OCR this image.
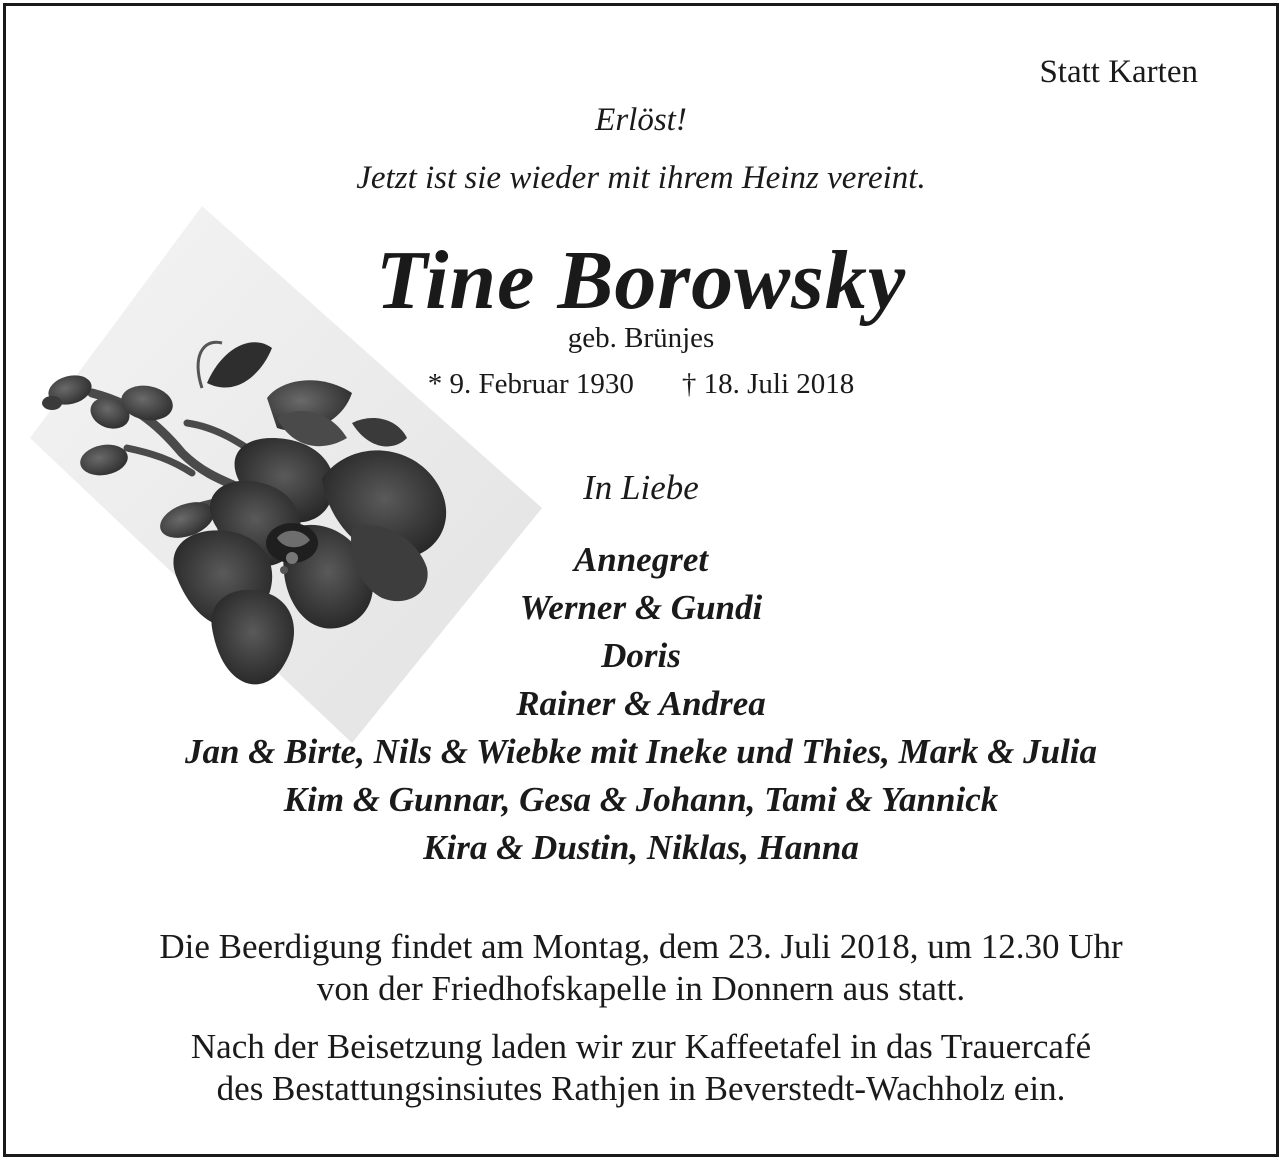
Statt Karten
Erlöst!
Jetzt ist sie wieder mit ihrem Heinz vereint.
Tine Borowsky
geb. Brünjes
* 9. Februar 1930 † 18. Juli 2018
In Liebe
Annegret
Werner & Gundi
Doris
Rainer & Andrea
Jan & Birte, Nils & Wiebke mit Ineke und Thies, Mark & Julia
Kim & Gunnar, Gesa & Johann, Tami & Yannick
Kira & Dustin, Niklas, Hanna
Die Beerdigung findet am Montag, dem 23. Juli 2018, um 12.30 Uhr
von der Friedhofskapelle in Donnern aus statt.
Nach der Beisetzung laden wir zur Kaffeetafel in das Trauercafé
des Bestattungsinsiutes Rathjen in Beverstedt-Wachholz ein.
